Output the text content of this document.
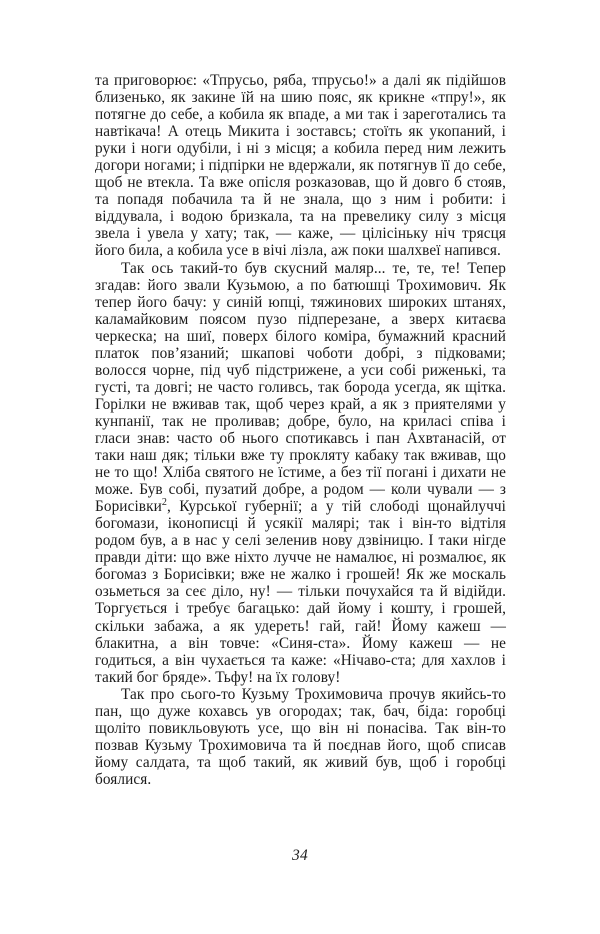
та приговорює: «Тпрусьо, ряба, тпрусьо!» а далі як підійшов близенько, як закине їй на шию пояс, як крикне «тпру!», як потягне до себе, а кобила як впаде, а ми так і зареготались та навтікача! А отець Микита і зоставсь; стоїть як укопаний, і руки і ноги одубіли, і ні з місця; а кобила перед ним лежить догори ногами; і підпірки не вдержали, як потягнув її до себе, щоб не втекла. Та вже опісля розказовав, що й довго б стояв, та попадя побачила та й не знала, що з ним і робити: і віддувала, і водою бризкала, та на превелику силу з місця звела і увела у хату; так, — каже, — цілісіньку ніч трясця його била, а кобила усе в вічі лізла, аж поки шалхвеї напився.

Так ось такий-то був скусний маляр... те, те, те! Тепер згадав: його звали Кузьмою, а по батюшці Трохимович. Як тепер його бачу: у синій юпці, тяжинових широких штанях, каламайковим поясом пузо підперезане, а зверх китаєва черкеска; на шиї, поверх білого коміра, бумажний красний платок пов’язаний; шкапові чоботи добрі, з підковами; волосся чорне, під чуб підстрижене, а уси собі риженькі, та густі, та довгі; не часто голивсь, так борода усегда, як щітка. Горілки не вживав так, щоб через край, а як з приятелями у кунпанії, так не проливав; добре, було, на криласі співа і гласи знав: часто об нього спотикавсь і пан Ахвтанасій, от таки наш дяк; тільки вже ту прокляту кабаку так вживав, що не то що! Хліба святого не їстиме, а без тії погані і дихати не може. Був собі, пузатий добре, а родом — коли чували — з Борисівки$^2$, Курської губернії; а у тій слободі щонайлуччі богомази, іконописці й усякії малярі; так і він-то відтіля родом був, а в нас у селі зеленив нову дзвіницю. І таки нігде правди діти: що вже ніхто лучче не намалює, ні розмалює, як богомаз з Борисівки; вже не жалко і грошей! Як же москаль озьметься за сеє діло, ну! — тільки почухайся та й відійди. Торгується і требує багацько: дай йому і кошту, і грошей, скільки забажа, а як удереть! гай, гай! Йому кажеш — блакитна, а він товче: «Синя-ста». Йому кажеш — не годиться, а він чухається та каже: «Нічаво-ста; для хахлов і такий бог бряде». Тьфу! на їх голову!

Так про сього-то Кузьму Трохимовича прочув якийсь-то пан, що дуже кохавсь ув огородах; так, бач, біда: горобці щоліто повикльовують усе, що він ні понасіва. Так він-то позвав Кузьму Трохимовича та й поєднав його, щоб списав йому салдата, та щоб такий, як живий був, щоб і горобці боялися.

34
